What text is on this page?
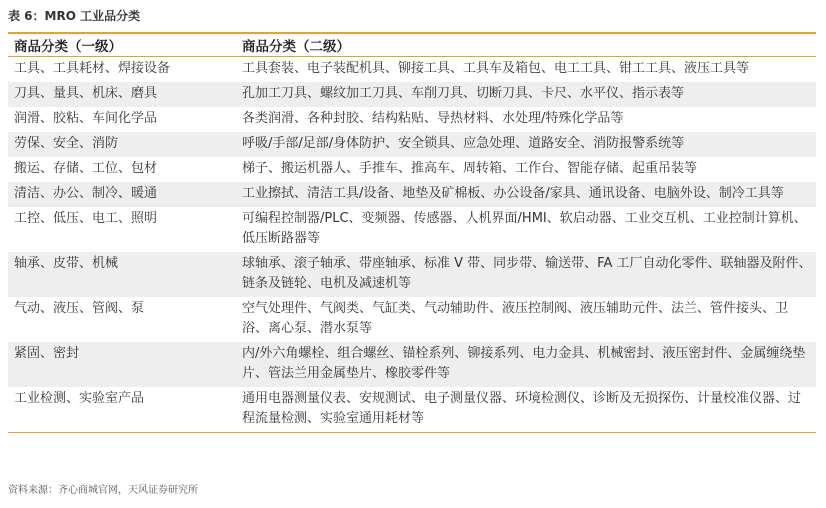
表 6：MRO 工业品分类
商品分类（一级）	商品分类（二级）
工具、工具耗材、焊接设备	工具套装、电子装配机具、铆接工具、工具车及箱包、电工工具、钳工工具、液压工具等
刀具、量具、机床、磨具	孔加工刀具、螺纹加工刀具、车削刀具、切断刀具、卡尺、水平仪、指示表等
润滑、胶粘、车间化学品	各类润滑、各种封胶、结构粘贴、导热材料、水处理/特殊化学品等
劳保、安全、消防	呼吸/手部/足部/身体防护、安全锁具、应急处理、道路安全、消防报警系统等
搬运、存储、工位、包材	梯子、搬运机器人、手推车、推高车、周转箱、工作台、智能存储、起重吊装等
清洁、办公、制冷、暖通	工业擦拭、清洁工具/设备、地垫及矿棉板、办公设备/家具、通讯设备、电脑外设、制冷工具等
工控、低压、电工、照明	可编程控制器/PLC、变频器、传感器、人机界面/HMI、软启动器、工业交互机、工业控制计算机、低压断路器等
轴承、皮带、机械	球轴承、滚子轴承、带座轴承、标准 V 带、同步带、输送带、FA 工厂自动化零件、联轴器及附件、链条及链轮、电机及减速机等
气动、液压、管阀、泵	空气处理件、气阀类、气缸类、气动辅助件、液压控制阀、液压辅助元件、法兰、管件接头、卫浴、离心泵、潜水泵等
紧固、密封	内/外六角螺栓、组合螺丝、锚栓系列、铆接系列、电力金具、机械密封、液压密封件、金属缠绕垫片、管法兰用金属垫片、橡胶零件等
工业检测、实验室产品	通用电器测量仪表、安规测试、电子测量仪器、环境检测仪、诊断及无损探伤、计量校准仪器、过程流量检测、实验室通用耗材等
资料来源：齐心商城官网，天风证券研究所
